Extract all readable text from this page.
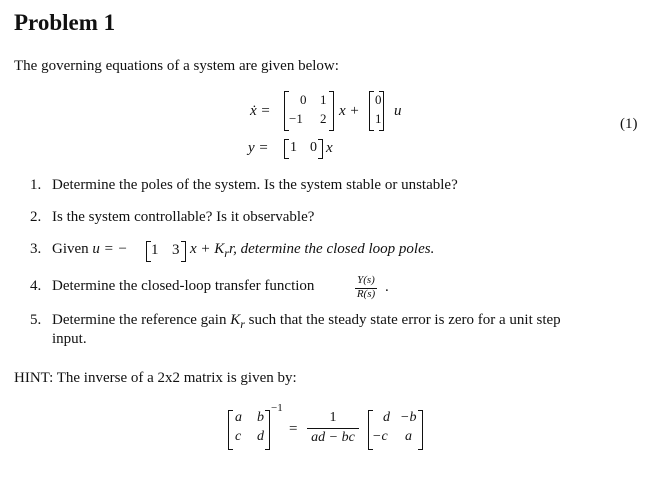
Problem 1
The governing equations of a system are given below:
ẋ =
0 1
−1 2 x +
0
1 u
y = 1 0 x
(1)
1. Determine the poles of the system. Is the system stable or unstable?
2. Is the system controllable? Is it observable?
3. Given u = − 1 3 $x + K_rr$, determine the closed loop poles.
4. Determine the closed-loop transfer function	Y(s)
R(s) .
5. Determine the reference gain $K_r$ such that the steady state error is zero for a unit step
input.
HINT: The inverse of a 2x2 matrix is given by:
a b
c d
−1
=
1
ad − bc
d −b
−c a
